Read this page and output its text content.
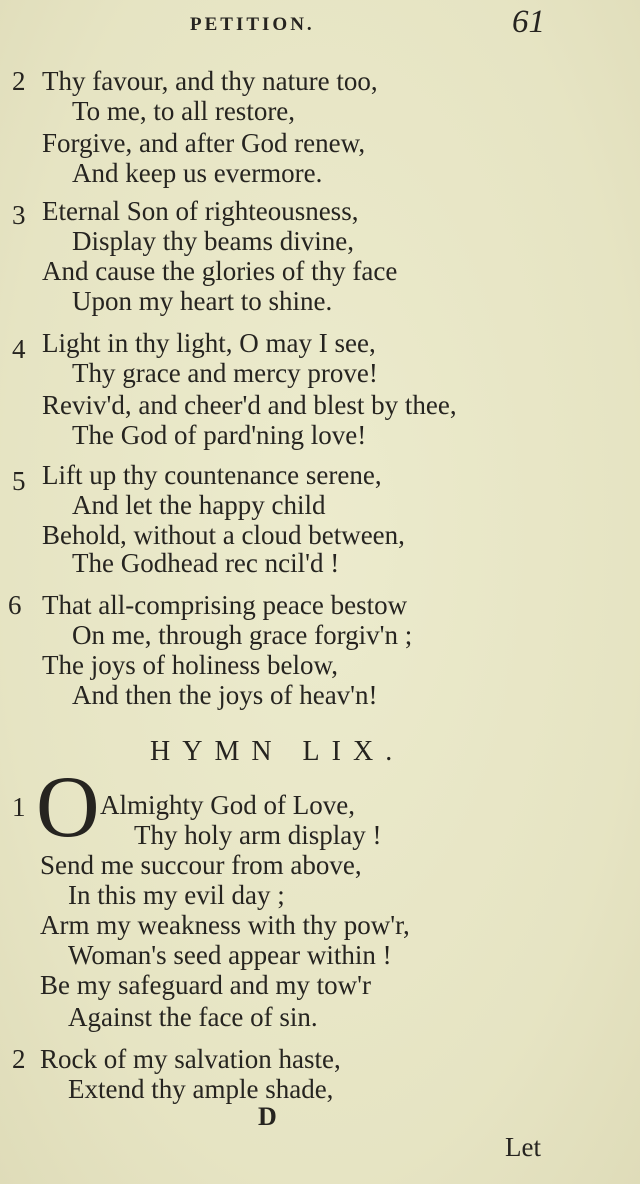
PETITION.	61
2 Thy favour, and thy nature too,
To me, to all restore,
Forgive, and after God renew,
And keep us evermore.
3 Eternal Son of righteousness,
Display thy beams divine,
And cause the glories of thy face
Upon my heart to shine.
4 Light in thy light, O may I see,
Thy grace and mercy prove!
Reviv'd, and cheer'd and blest by thee,
The God of pard'ning love!
5 Lift up thy countenance serene,
And let the happy child
Behold, without a cloud between,
The Godhead rec ncil'd !
6 That all-comprising peace bestow
On me, through grace forgiv'n ;
The joys of holiness below,
And then the joys of heav'n!
HYMN LIX.
1 O Almighty God of Love,
Thy holy arm display !
Send me succour from above,
In this my evil day ;
Arm my weakness with thy pow'r,
Woman's seed appear within !
Be my safeguard and my tow'r
Against the face of sin.
2 Rock of my salvation haste,
Extend thy ample shade,
D
Let
